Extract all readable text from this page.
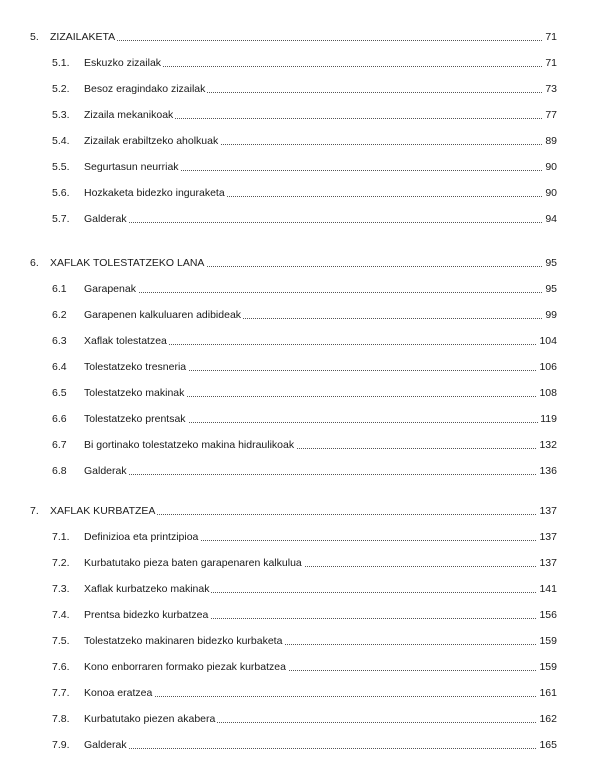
5. ZIZAILAKETA	71
5.1. Eskuzko zizailak	71
5.2. Besoz eragindako zizailak	73
5.3. Zizaila mekanikoak	77
5.4. Zizailak erabiltzeko aholkuak	89
5.5. Segurtasun neurriak	90
5.6. Hozkaketa bidezko inguraketa	90
5.7. Galderak	94
6. XAFLAK TOLESTATZEKO LANA	95
6.1 Garapenak	95
6.2 Garapenen kalkuluaren adibideak	99
6.3 Xaflak tolestatzea	104
6.4 Tolestatzeko tresneria	106
6.5 Tolestatzeko makinak	108
6.6 Tolestatzeko prentsak	119
6.7 Bi gortinako tolestatzeko makina hidraulikoak	132
6.8 Galderak	136
7. XAFLAK KURBATZEA	137
7.1. Definizioa eta printzipioa	137
7.2. Kurbatutako pieza baten garapenaren kalkulua	137
7.3. Xaflak kurbatzeko makinak	141
7.4. Prentsa bidezko kurbatzea	156
7.5. Tolestatzeko makinaren bidezko kurbaketa	159
7.6. Kono enborraren formako piezak kurbatzea	159
7.7. Konoa eratzea	161
7.8. Kurbatutako piezen akabera	162
7.9. Galderak	165
